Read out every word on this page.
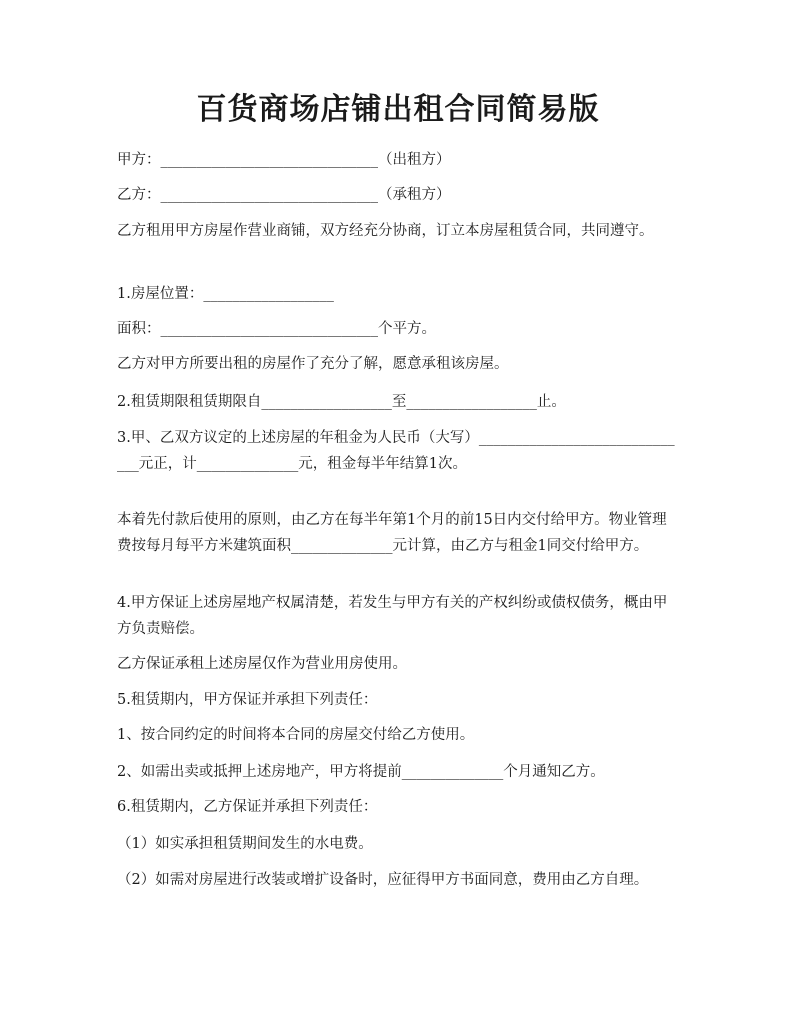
百货商场店铺出租合同简易版
甲方：______________________________（出租方）
乙方：______________________________（承租方）
乙方租用甲方房屋作营业商铺，双方经充分协商，订立本房屋租赁合同，共同遵守。
1.房屋位置：__________________
面积：______________________________个平方。
乙方对甲方所要出租的房屋作了充分了解，愿意承租该房屋。
2.租赁期限租赁期限自__________________至__________________止。
3.甲、乙双方议定的上述房屋的年租金为人民币（大写）______________________________元正，计______________元，租金每半年结算1次。
本着先付款后使用的原则，由乙方在每半年第1个月的前15日内交付给甲方。物业管理费按每月每平方米建筑面积______________元计算，由乙方与租金1同交付给甲方。
4.甲方保证上述房屋地产权属清楚，若发生与甲方有关的产权纠纷或债权债务，概由甲方负责赔偿。
乙方保证承租上述房屋仅作为营业用房使用。
5.租赁期内，甲方保证并承担下列责任：
1、按合同约定的时间将本合同的房屋交付给乙方使用。
2、如需出卖或抵押上述房地产，甲方将提前______________个月通知乙方。
6.租赁期内，乙方保证并承担下列责任：
（1）如实承担租赁期间发生的水电费。
（2）如需对房屋进行改装或增扩设备时，应征得甲方书面同意，费用由乙方自理。
